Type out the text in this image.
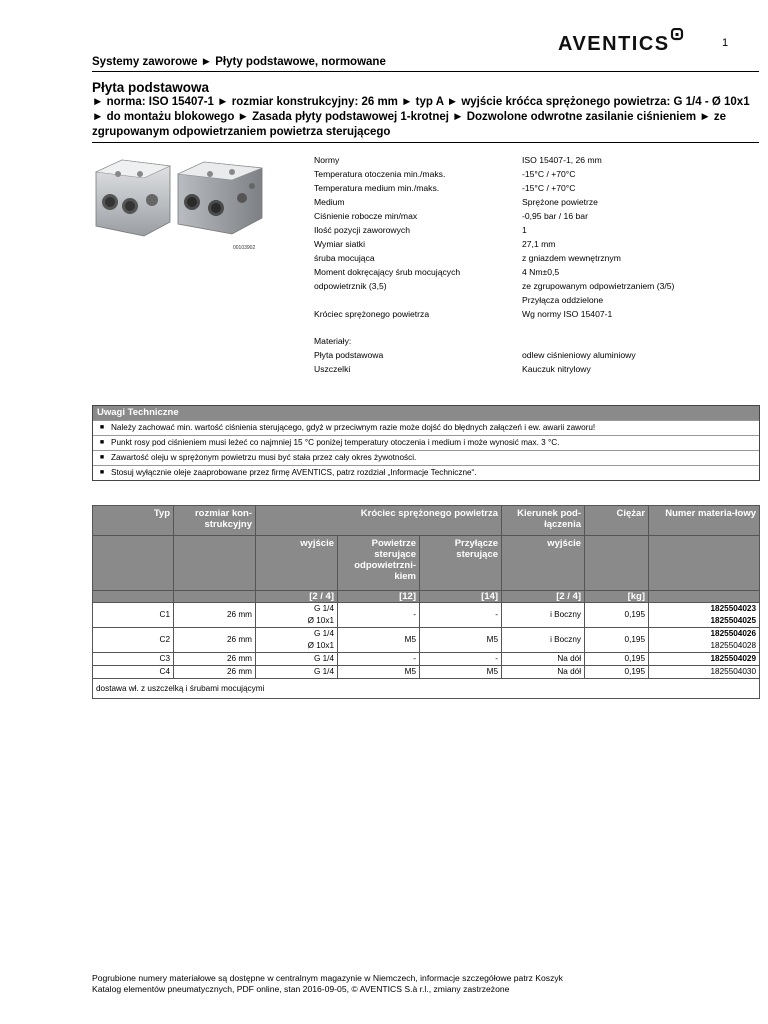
AVENTICS	1
Systemy zaworowe ► Płyty podstawowe, normowane
Płyta podstawowa
► norma: ISO 15407-1 ► rozmiar konstrukcyjny: 26 mm ► typ A ► wyjście króćca sprężonego powietrza: G 1/4 - Ø 10x1 ► do montażu blokowego ► Zasada płyty podstawowej 1-krotnej ► Dozwolone odwrotne zasilanie ciśnieniem ► ze zgrupowanym odpowietrzaniem powietrza sterującego
00103902
Normy	ISO 15407-1, 26 mm
Temperatura otoczenia min./maks.	-15°C / +70°C
Temperatura medium min./maks.	-15°C / +70°C
Medium	Sprężone powietrze
Ciśnienie robocze min/max	-0,95 bar / 16 bar
Ilość pozycji zaworowych	1
Wymiar siatki	27,1 mm
śruba mocująca	z gniazdem wewnętrznym
Moment dokręcający śrub mocujących	4 Nm±0,5
odpowietrznik (3,5)	ze zgrupowanym odpowietrzaniem (3/5)
Przyłącza oddzielone
Króciec sprężonego powietrza	Wg normy ISO 15407-1
Materiały:
Płyta podstawowa	odlew ciśnieniowy aluminiowy
Uszczelki	Kauczuk nitrylowy
Uwagi Techniczne
■ Należy zachować min. wartość ciśnienia sterującego, gdyż w przeciwnym razie może dojść do błędnych załączeń i ew. awarii zaworu!
■ Punkt rosy pod ciśnieniem musi leżeć co najmniej 15 °C poniżej temperatury otoczenia i medium i może wynosić max. 3 °C.
■ Zawartość oleju w sprężonym powietrzu musi być stała przez cały okres żywotności.
■ Stosuj wyłącznie oleje zaaprobowane przez firmę AVENTICS, patrz rozdział „Informacje Techniczne“.
Typ	rozmiar kon-strukcyjny	Króciec sprężonego powietrza			Kierunek pod-łączenia	Ciężar	Numer materia-łowy
		wyjście	Powietrze sterujące odpowietrzni-kiem	Przyłącze sterujące	wyjście		
		[2 / 4]	[12]	[14]	[2 / 4]	[kg]	
C1	26 mm	G 1/4	-	-	i Boczny	0,195	1825504023
		Ø 10x1					1825504025
C2	26 mm	G 1/4	M5	M5	i Boczny	0,195	1825504026
		Ø 10x1					1825504028
C3	26 mm	G 1/4	-	-	Na dół	0,195	1825504029
C4	26 mm	G 1/4	M5	M5	Na dół	0,195	1825504030
dostawa wł. z uszczelką i śrubami mocującymi							
Pogrubione numery materiałowe są dostępne w centralnym magazynie w Niemczech, informacje szczegółowe patrz Koszyk
Katalog elementów pneumatycznych, PDF online, stan 2016-09-05, © AVENTICS S.à r.l., zmiany zastrzeżone
